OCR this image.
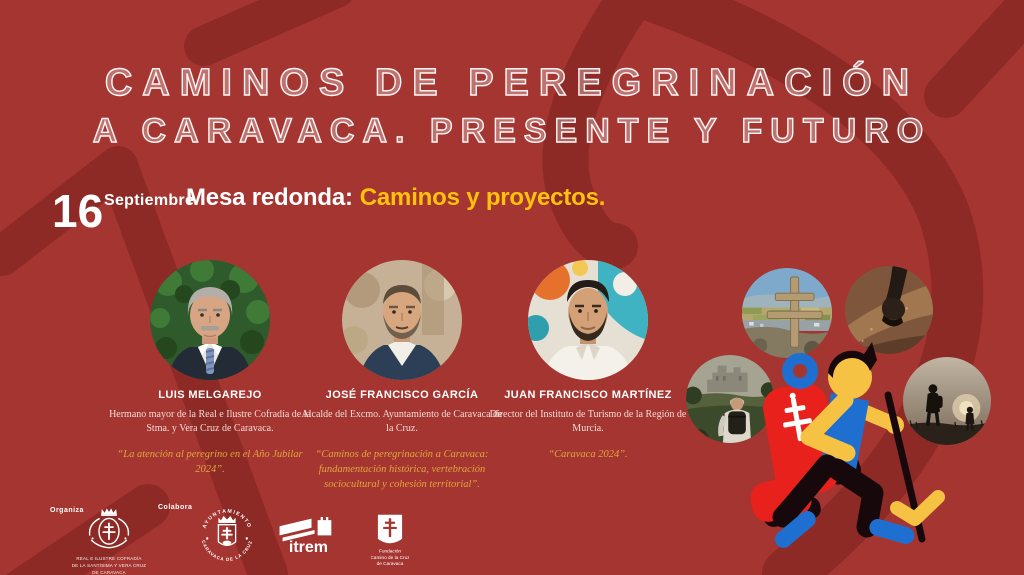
CAMINOS DE PEREGRINACIÓN
A CARAVACA. PRESENTE Y FUTURO
16 Septiembre.
Mesa redonda: Caminos y proyectos.
LUIS MELGAREJO
Hermano mayor de la Real e Ilustre Cofradía de la Stma. y Vera Cruz de Caravaca.
“La atención al peregrino en el Año Jubilar 2024”.
JOSÉ FRANCISCO GARCÍA
Alcalde del Excmo. Ayuntamiento de Caravaca de la Cruz.
“Caminos de peregrinación a Caravaca: fundamentación histórica, vertebración sociocultural y cohesión territorial”.
JUAN FRANCISCO MARTÍNEZ
Director del Instituto de Turismo de la Región de Murcia.
“Caravaca 2024”.
Organiza
REAL E ILUSTRE COFRADÍA
DE LA SANTÍSIMA Y VERA CRUZ
DE CARAVACA
Colabora
AYUNTAMIENTO
CARAVACA DE LA CRUZ itrem	Fundación
Camino de la Cruz
de Caravaca
